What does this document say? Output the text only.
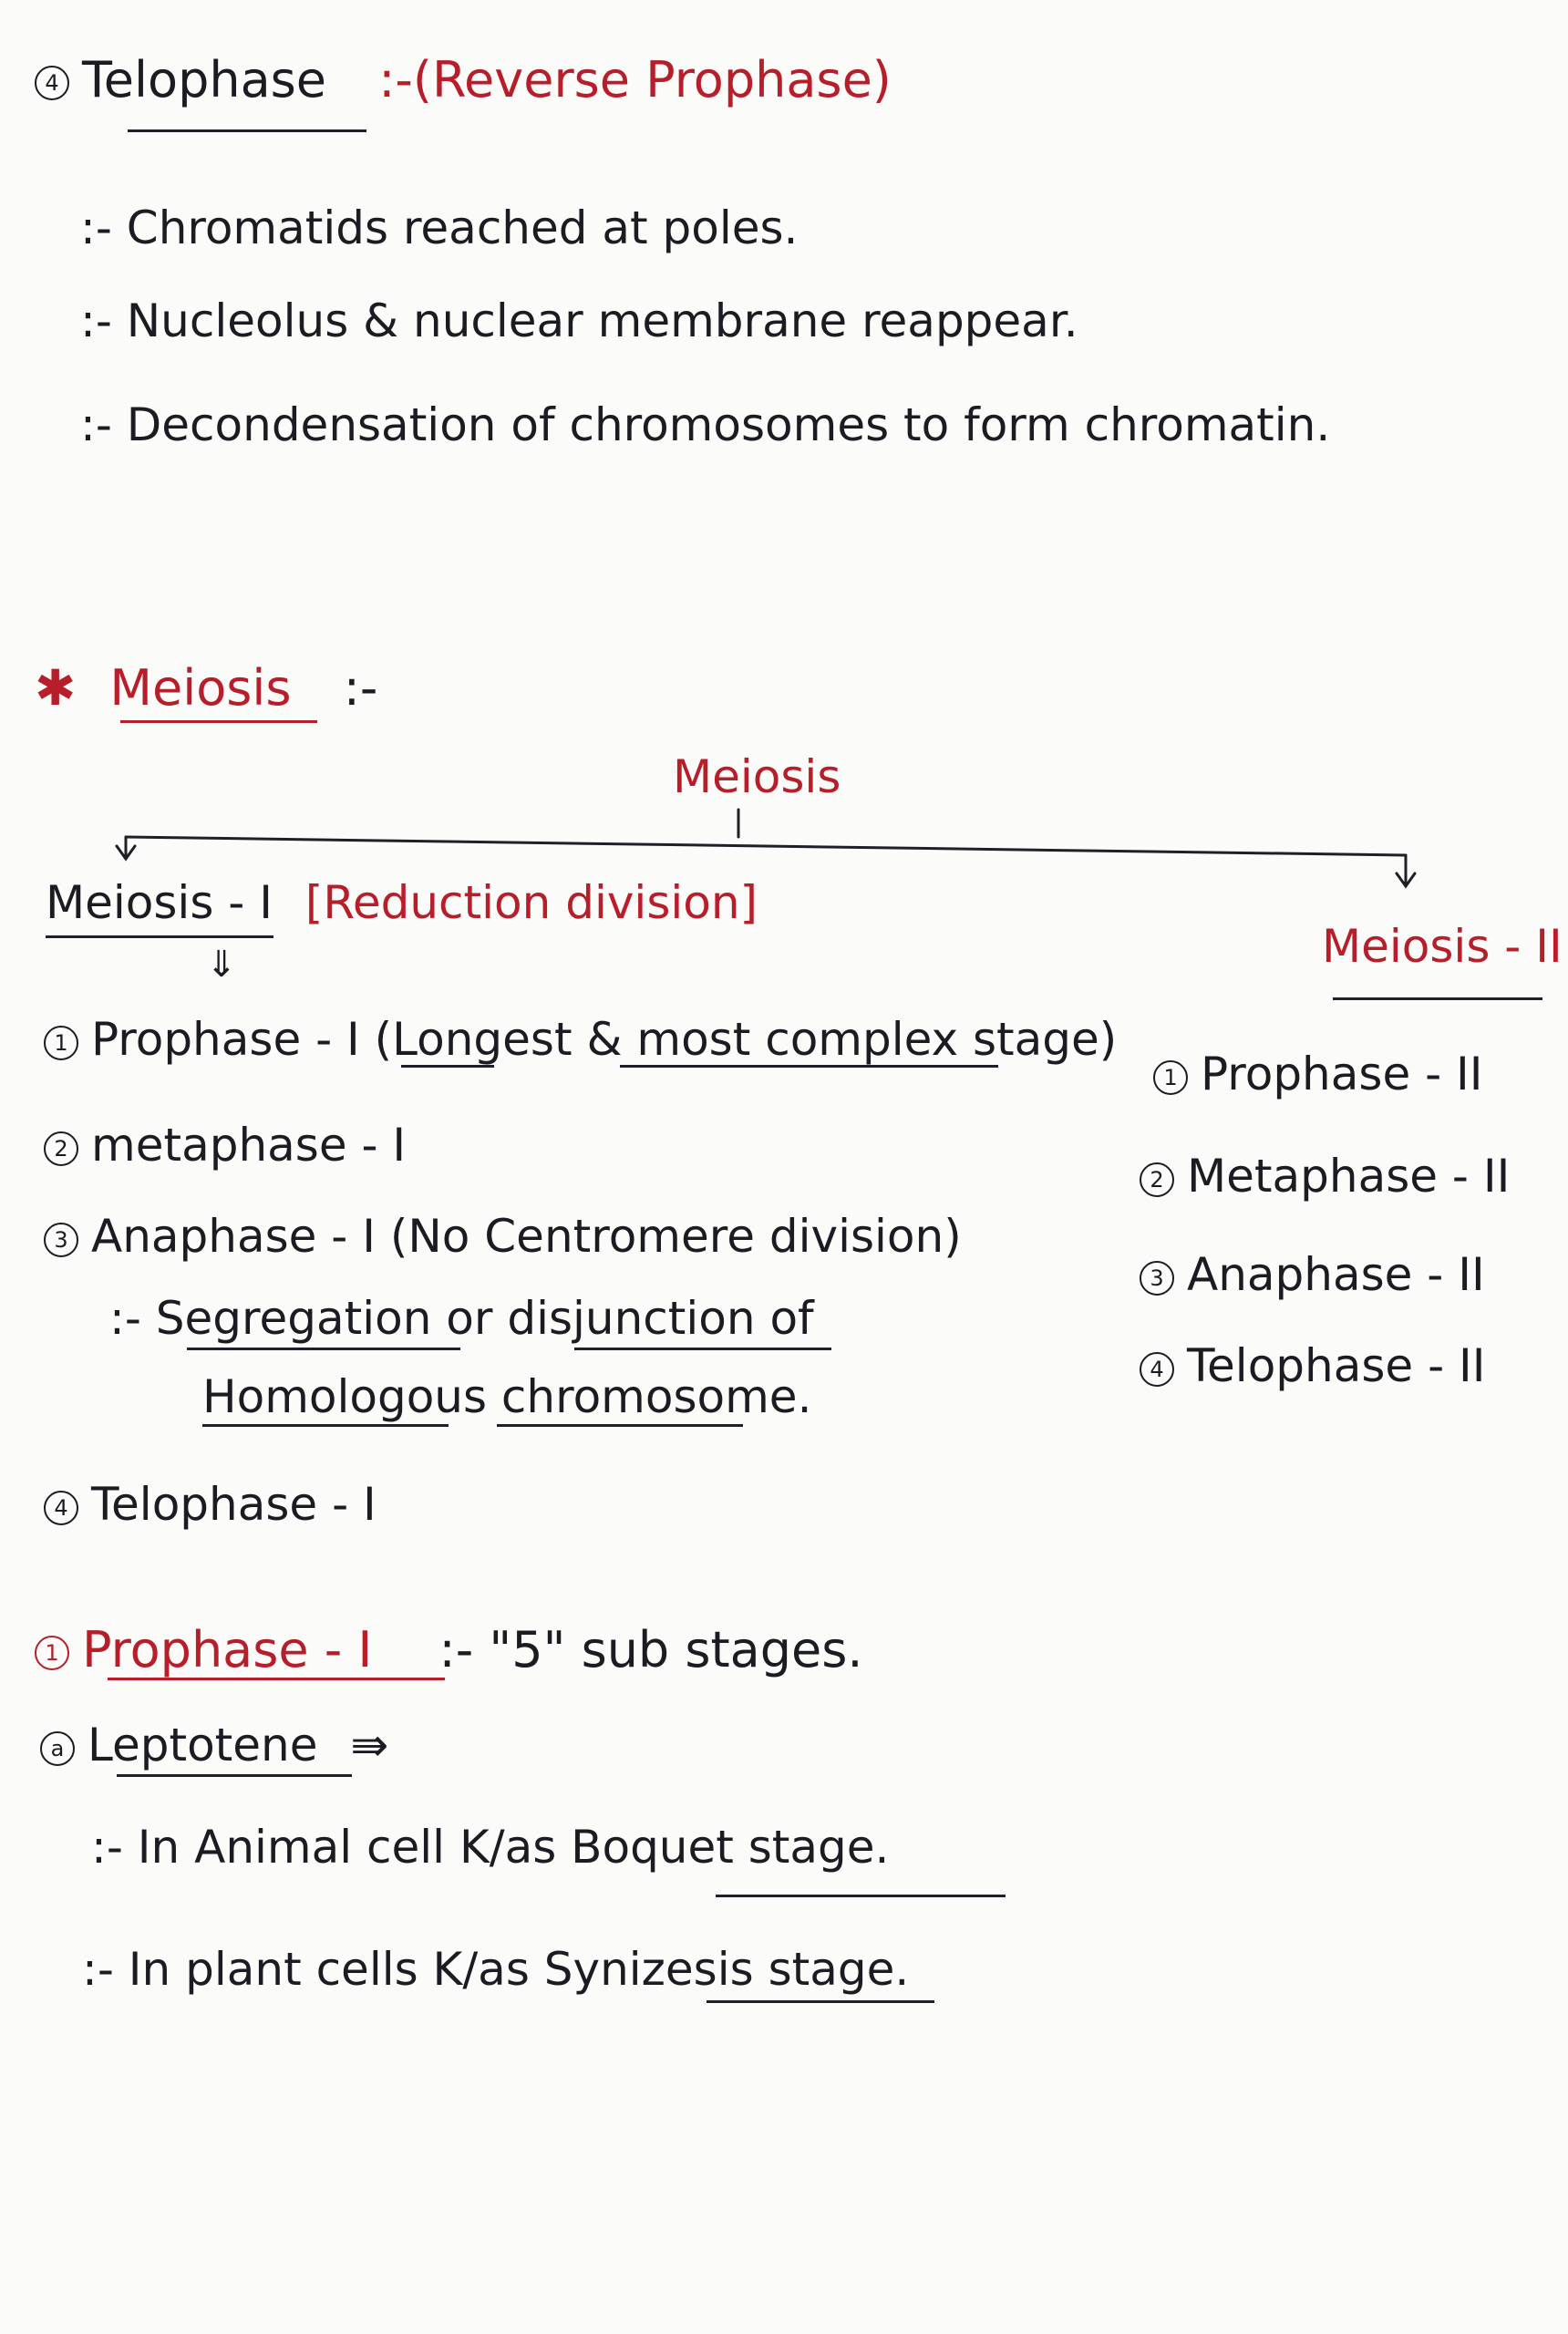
4 Telophase :-(Reverse Prophase)
:- Chromatids reached at poles.
:- Nucleolus & nuclear membrane reappear.
:- Decondensation of chromosomes to form chromatin.
✱ Meiosis :-
Meiosis
Meiosis - I [Reduction division]
⇓
1 Prophase - I (Longest & most complex stage)
2 metaphase - I
3 Anaphase - I (No Centromere division)
:- Segregation or disjunction of
Homologous chromosome.
4 Telophase - I
Meiosis - II
1 Prophase - II
2 Metaphase - II
3 Anaphase - II
4 Telophase - II
1 Prophase - I :- "5" sub stages.
a Leptotene ⇛
:- In Animal cell K/as Boquet stage.
:- In plant cells K/as Synizesis stage.
